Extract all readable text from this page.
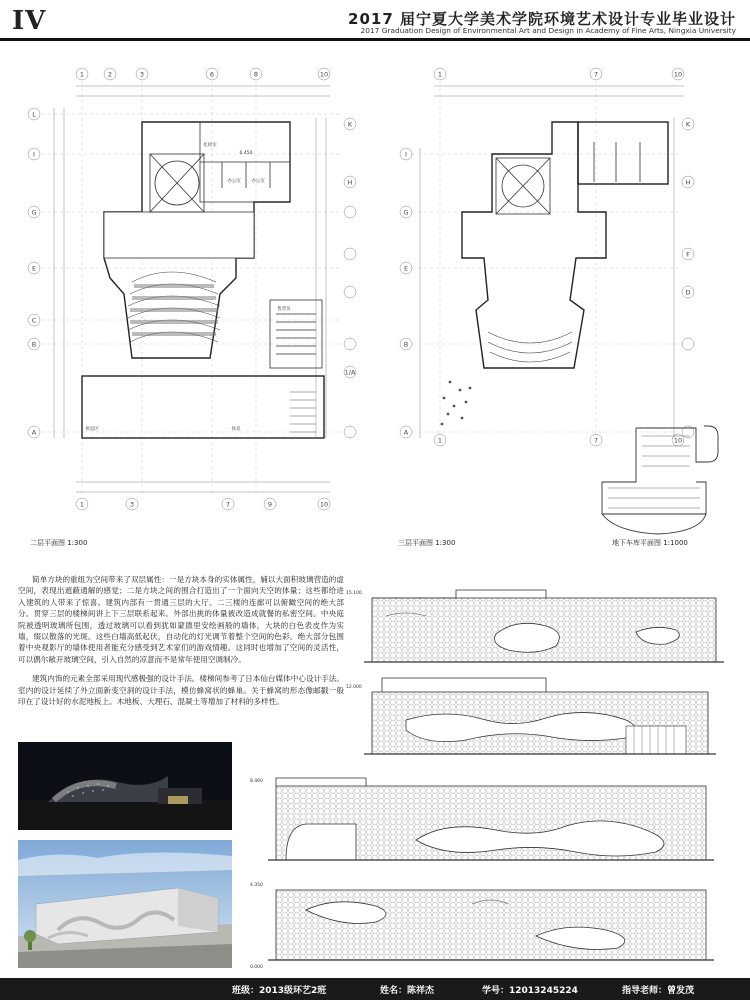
IV	2017 届宁夏大学美术学院环境艺术设计专业毕业设计
2017 Graduation Design of Environmental Art and Design in Academy of Fine Arts, Ningxia University
1	2	3	6	8	10
1	3	7	9	10
L
I
G
E
C
B
A
K
H
1/A
休息区	休息
售货员
办公室 办公室
化妆室
6.450
1	7	10
1	7	10
I
G
E
B
A
K
H
F
D
二层平面图 1:300	三层平面图 1:300	地下车库平面图 1:1000

简单方块的重组为空间带来了双层属性：一是方块本身的实体属性，辅以大面积玻璃营造的虚空间，表现出遮蔽通解的感觉；二是方块之间的围合打造出了一个面向天空的体量；这些都给进入建筑的人带来了惊喜。建筑内部有一贯通三层的大厅。二三楼的连廊可以俯瞰空间的绝大部分。贯穿三层的楼梯间讲上下三层联系起来。外部出挑的体量被改造成就餐的私密空间。中央庭院被透明玻璃所包围，透过玻璃可以看到犹如蒙德里安绘画般的墙体，大块的白色表皮作为实墙，缀以散落的光斑。这些白墙高低起伏，自动化的灯光调节着整个空间的色彩。绝大部分包围着中央观影厅的墙体使用者能充分感受到艺术家们的游戏情趣。这同时也增加了空间的灵活性，可以偶尔敞开玻璃空间，引入自然的凉意而不是常年使用空调制冷。

建筑内饰的元素全部采用现代感极强的设计手法。楼梯间参考了日本仙台媒体中心设计手法。室内的设计延续了外立面新变空洞的设计手法，模仿蜂窝状的蜂巢。关于蜂窝的形态像邮戳一般印在了设计好的水泥地板上。木地板、大理石、混凝土等增加了材料的多样性。

15.100
12.000
8.460
4.350
0.000
班级：2013级环艺2班	姓名：陈祥杰	学号：12013245224	指导老师：曾发茂
